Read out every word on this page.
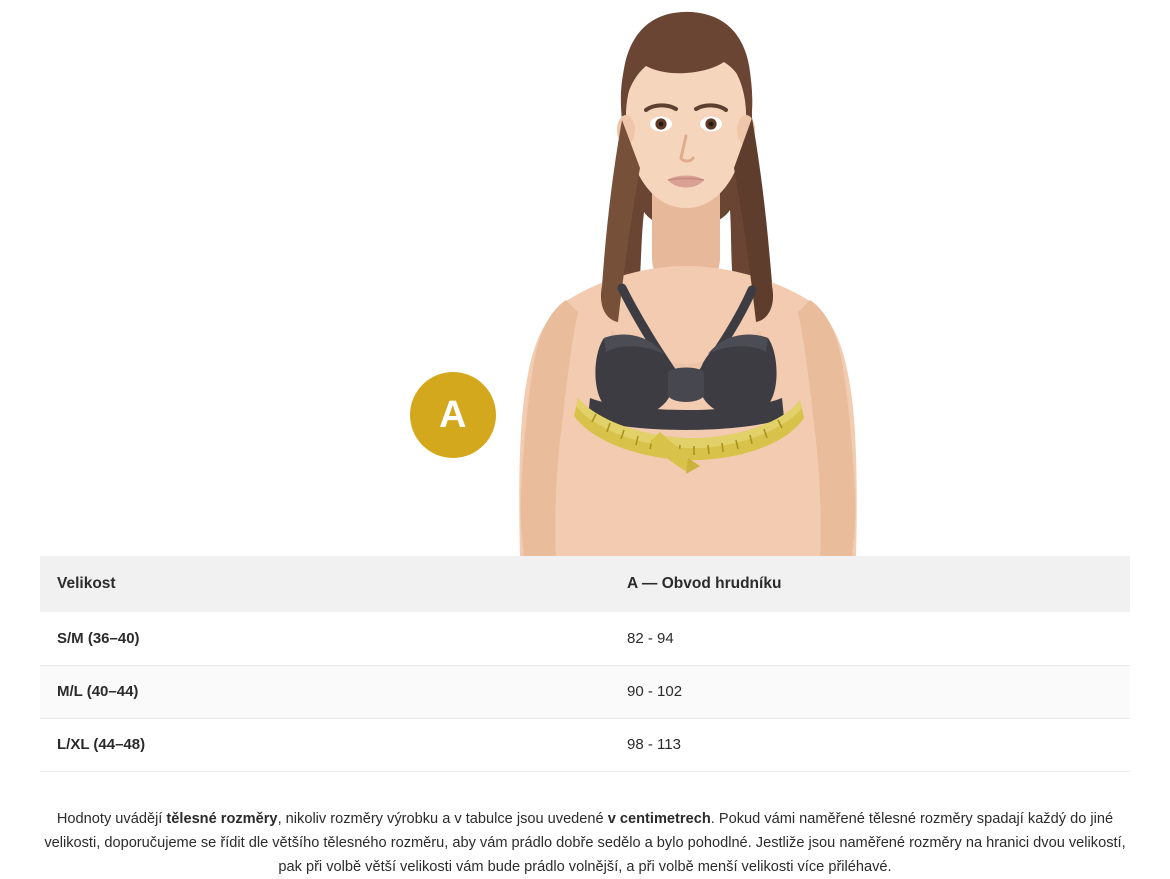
A
Velikost	A — Obvod hrudníku
S/M (36–40)	82 - 94
M/L (40–44)	90 - 102
L/XL (44–48)	98 - 113

Hodnoty uvádějí tělesné rozměry, nikoliv rozměry výrobku a v tabulce jsou uvedené v centimetrech. Pokud vámi naměřené tělesné rozměry spadají každý do jiné velikosti, doporučujeme se řídit dle většího tělesného rozměru, aby vám prádlo dobře sedělo a bylo pohodlné. Jestliže jsou naměřené rozměry na hranici dvou velikostí, pak při volbě větší velikosti vám bude prádlo volnější, a při volbě menší velikosti více přiléhavé.
